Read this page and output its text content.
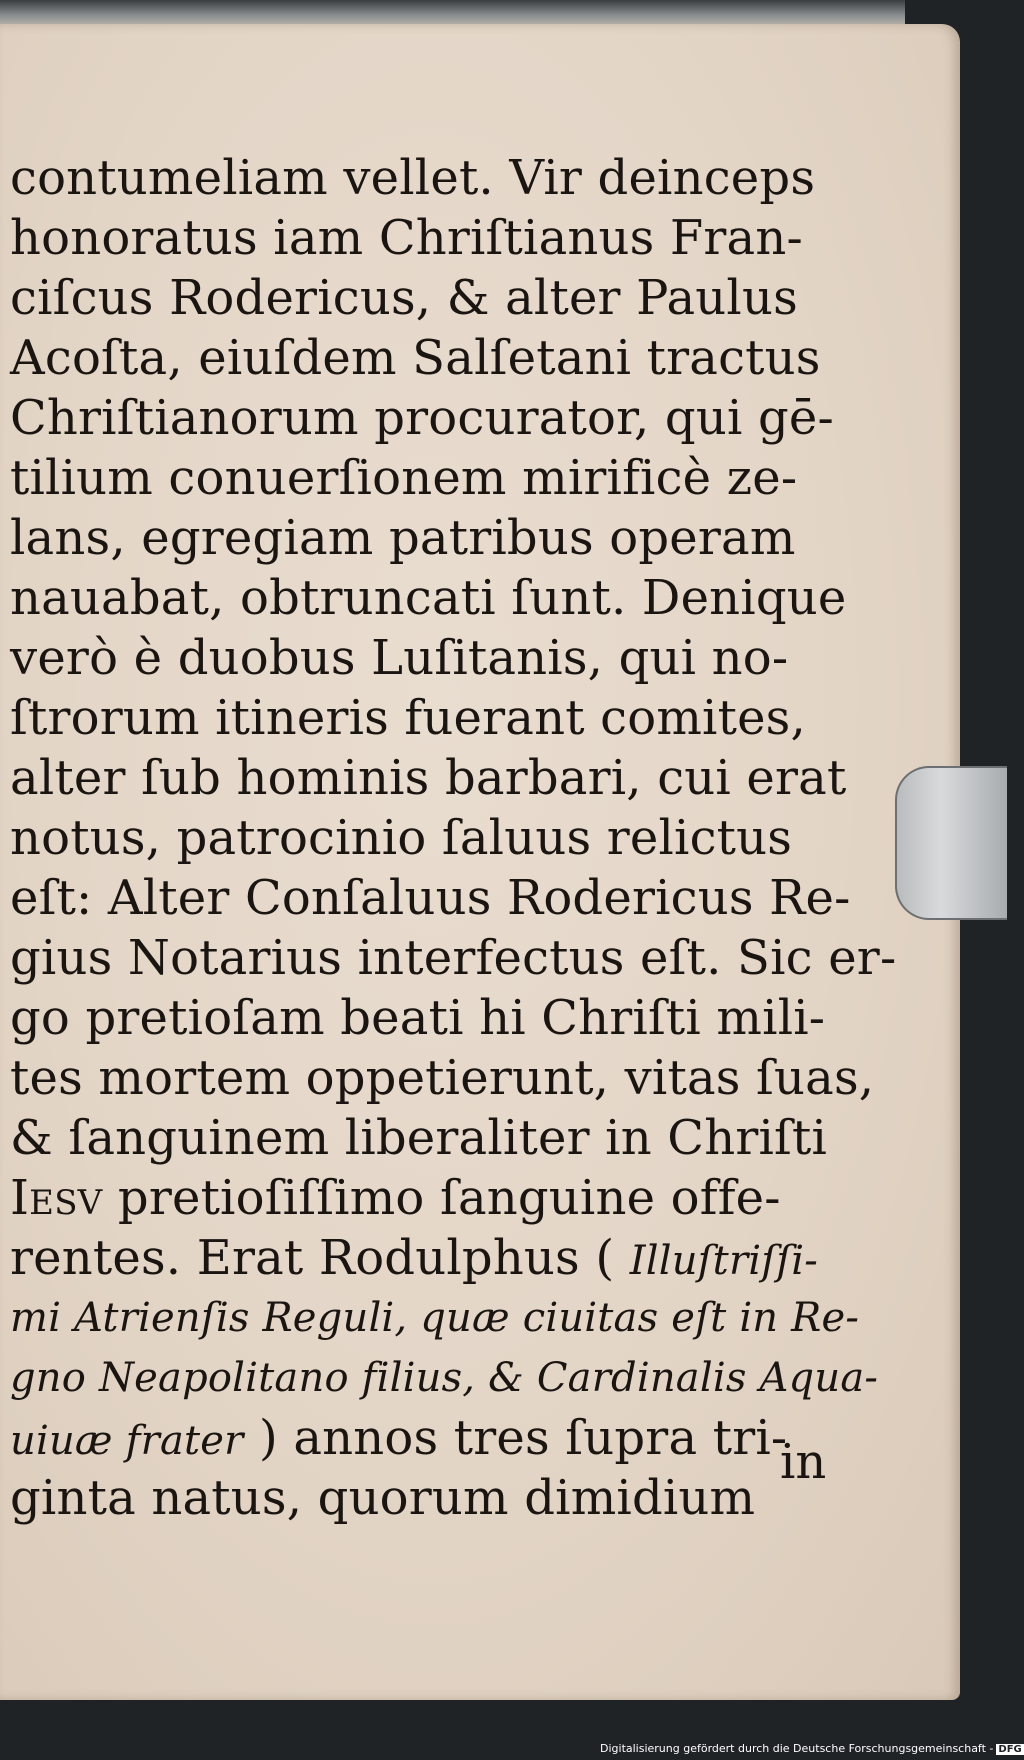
contumeliam vellet. Vir deinceps
honoratus iam Chriſtianus Fran-
ciſcus Rodericus, & alter Paulus
Acoſta, eiuſdem Salſetani tractus
Chriſtianorum procurator, qui gē-
tilium conuerſionem mirificè ze-
lans, egregiam patribus operam
nauabat, obtruncati ſunt. Denique
verò è duobus Luſitanis, qui no-
ſtrorum itineris fuerant comites,
alter ſub hominis barbari, cui erat
notus, patrocinio ſaluus relictus
eſt: Alter Conſaluus Rodericus Re-
gius Notarius interfectus eſt. Sic er-
go pretioſam beati hi Chriſti mili-
tes mortem oppetierunt, vitas ſuas,
& ſanguinem liberaliter in Chriſti
Iesv pretioſiſſimo ſanguine offe-
rentes. Erat Rodulphus ( Illuſtriſſi-
mi Atrienſis Reguli, quæ ciuitas eſt in Re-
gno Neapolitano filius, & Cardinalis Aqua-
uiuæ frater ) annos tres ſupra tri-
ginta natus, quorum dimidium
in
Digitalisierung gefördert durch die Deutsche Forschungsgemeinschaft - DFG
